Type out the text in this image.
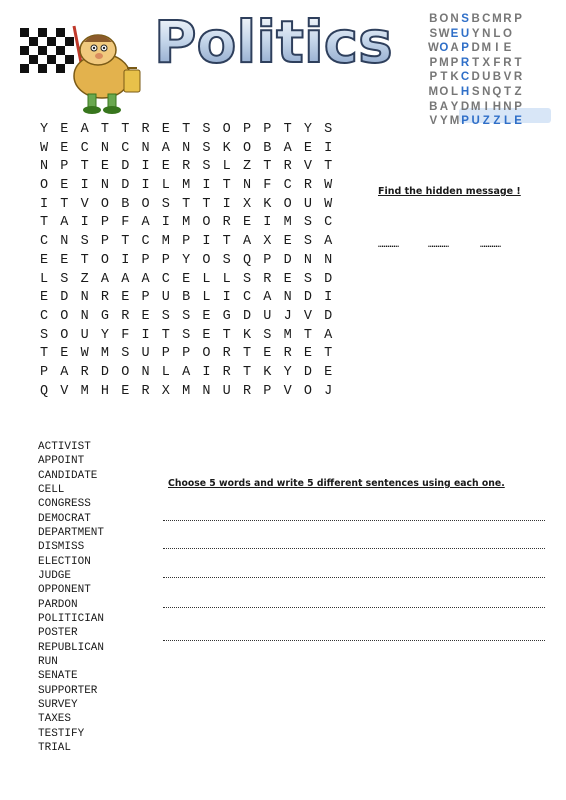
Politics	B O N S B C M R P
S W E U Y N L O
W O A P D M I E
P M P R T X F R T
P T K C D U B V R
M O L H S N Q T Z
B A Y D M I H N P
V Y M P U Z Z L E
Y E A T T R E T S O P P T Y S
W E C N C N A N S K O B A E I
N P T E D I E R S L Z T R V T
O E I N D I L M I T N F C R W
I T V O B O S T T I X K O U W
T A I P F A I M O R E I M S C
C N S P T C M P I T A X E S A
E E T O I P P Y O S Q P D N N
L S Z A A A C E L L S R E S D
E D N R E P U B L I C A N D I
C O N G R E S S E G D U J V D
S O U Y F I T S E T K S M T A
T E W M S U P P O R T E R E T
P A R D O N L A I R T K Y D E
Q V M H E R X M N U R P V O J
Find the hidden message !
……………	……………	……………
ACTIVIST
APPOINT
CANDIDATE
CELL
CONGRESS
DEMOCRAT
DEPARTMENT
DISMISS
ELECTION
JUDGE
OPPONENT
PARDON
POLITICIAN
POSTER
REPUBLICAN
RUN
SENATE
SUPPORTER
SURVEY
TAXES
TESTIFY
TRIAL
Choose 5 words and write 5 different sentences using each one.
